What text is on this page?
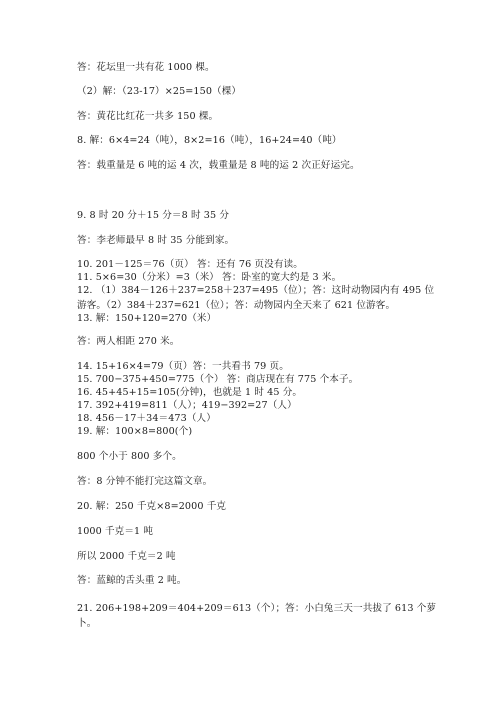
答：花坛里一共有花 1000 棵。
（2）解：（23-17）×25=150（棵）
答：黄花比红花一共多 150 棵。
8. 解：6×4=24（吨），8×2=16（吨），16+24=40（吨）
答：载重量是 6 吨的运 4 次，载重量是 8 吨的运 2 次正好运完。
9. 8 时 20 分＋15 分＝8 时 35 分
答：李老师最早 8 时 35 分能到家。
10. 201－125＝76（页） 答：还有 76 页没有读。
11. 5×6=30（分米）=3（米） 答：卧室的宽大约是 3 米。
12. （1）384－126＋237=258＋237=495（位）；答：这时动物园内有 495 位游客。（2）384＋237=621（位）；答：动物园内全天来了 621 位游客。
13. 解：150+120=270（米）
答：两人相距 270 米。
14. 15+16×4=79（页）答：一共看书 79 页。
15. 700−375+450=775（个） 答：商店现在有 775 个本子。
16. 45+45+15=105(分钟)，也就是 1 时 45 分。
17. 392+419=811（人）；419−392=27（人）
18. 456－17＋34＝473（人）
19. 解：100×8=800(个)
800 个小于 800 多个。
答：8 分钟不能打完这篇文章。
20. 解：250 千克×8=2000 千克
1000 千克＝1 吨
所以 2000 千克＝2 吨
答：蓝鲸的舌头重 2 吨。
21. 206+198+209＝404+209＝613（个）；答：小白兔三天一共拔了 613 个萝卜。
